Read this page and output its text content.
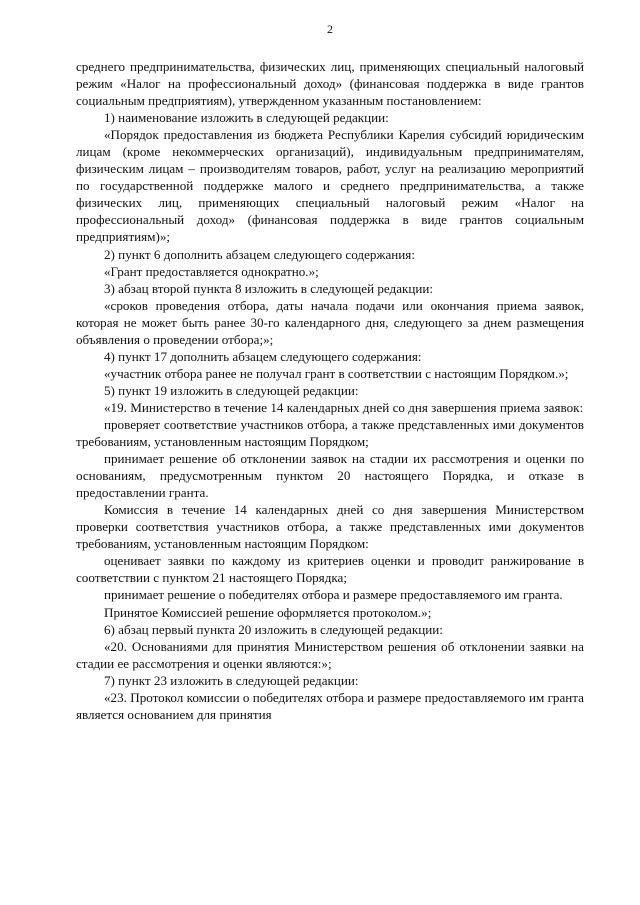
2

среднего предпринимательства, физических лиц, применяющих специальный налоговый режим «Налог на профессиональный доход» (финансовая поддержка в виде грантов социальным предприятиям), утвержденном указанным постановлением:

1) наименование изложить в следующей редакции:

«Порядок предоставления из бюджета Республики Карелия субсидий юридическим лицам (кроме некоммерческих организаций), индивидуальным предпринимателям, физическим лицам – производителям товаров, работ, услуг на реализацию мероприятий по государственной поддержке малого и среднего предпринимательства, а также физических лиц, применяющих специальный налоговый режим «Налог на профессиональный доход» (финансовая поддержка в виде грантов социальным предприятиям)»;

2) пункт 6 дополнить абзацем следующего содержания:

«Грант предоставляется однократно.»;

3) абзац второй пункта 8 изложить в следующей редакции:

«сроков проведения отбора, даты начала подачи или окончания приема заявок, которая не может быть ранее 30-го календарного дня, следующего за днем размещения объявления о проведении отбора;»;

4) пункт 17 дополнить абзацем следующего содержания:

«участник отбора ранее не получал грант в соответствии с настоящим Порядком.»;

5) пункт 19 изложить в следующей редакции:

«19. Министерство в течение 14 календарных дней со дня завершения приема заявок:

проверяет соответствие участников отбора, а также представленных ими документов требованиям, установленным настоящим Порядком;

принимает решение об отклонении заявок на стадии их рассмотрения и оценки по основаниям, предусмотренным пунктом 20 настоящего Порядка, и отказе в предоставлении гранта.

Комиссия в течение 14 календарных дней со дня завершения Министерством проверки соответствия участников отбора, а также представленных ими документов требованиям, установленным настоящим Порядком:

оценивает заявки по каждому из критериев оценки и проводит ранжирование в соответствии с пунктом 21 настоящего Порядка;

принимает решение о победителях отбора и размере предоставляемого им гранта.

Принятое Комиссией решение оформляется протоколом.»;

6) абзац первый пункта 20 изложить в следующей редакции:

«20. Основаниями для принятия Министерством решения об отклонении заявки на стадии ее рассмотрения и оценки являются:»;

7) пункт 23 изложить в следующей редакции:

«23. Протокол комиссии о победителях отбора и размере предоставляемого им гранта является основанием для принятия
